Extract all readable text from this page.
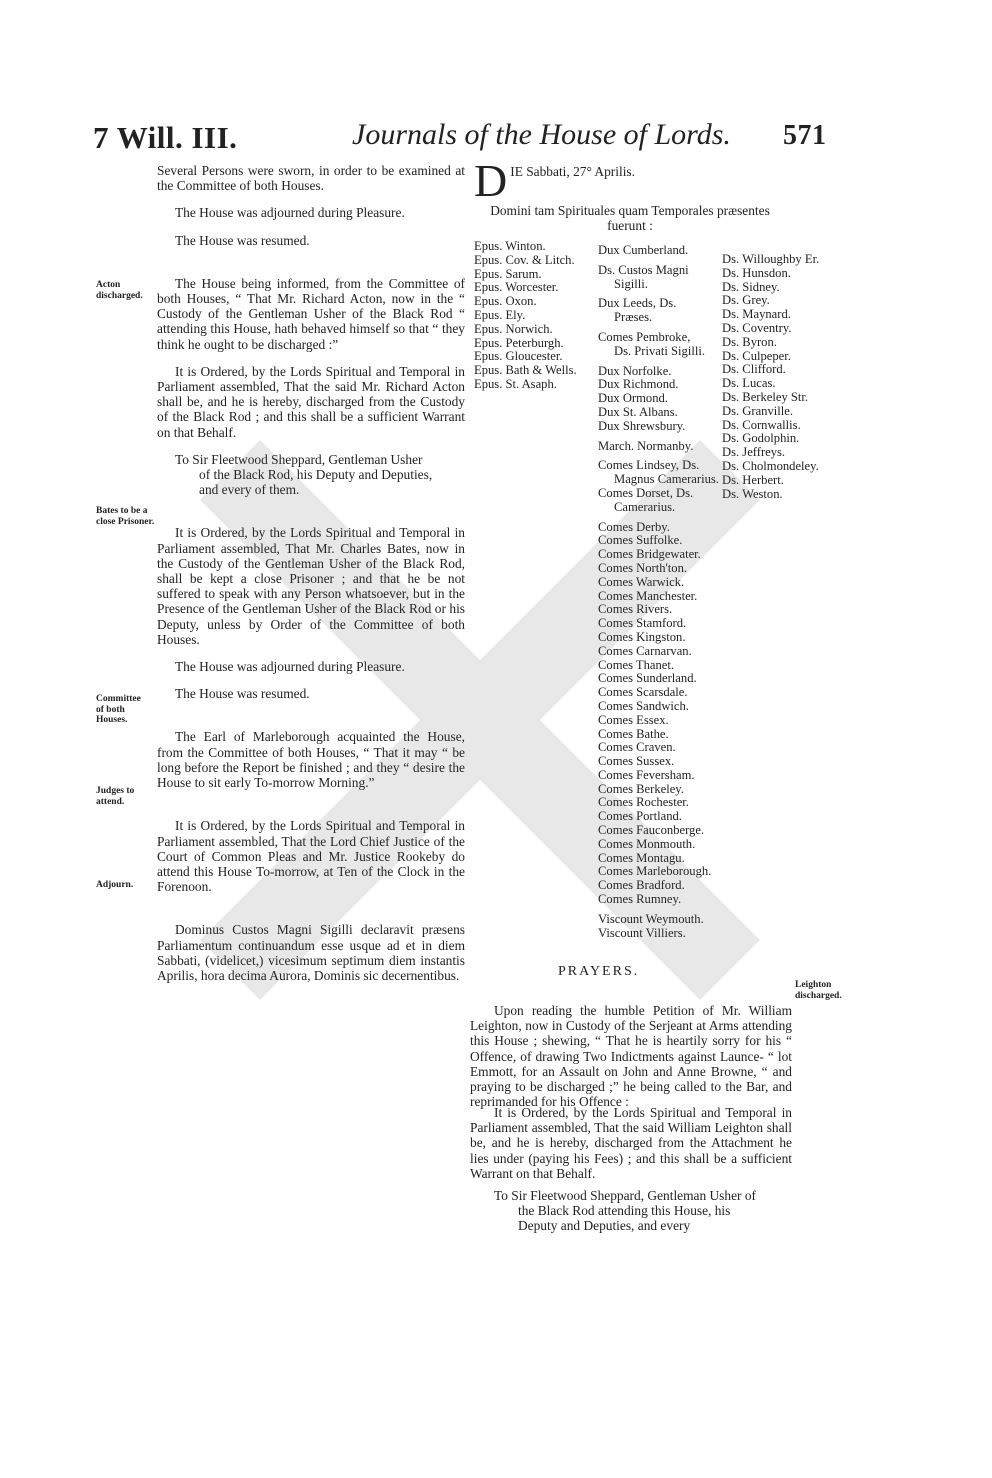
7 Will. III.	Journals of the House of Lords. 571
Several Persons were sworn, in order to be examined at the Committee of both Houses.
The House was adjourned during Pleasure.
The House was resumed.
The House being informed, from the Committee of both Houses, “ That Mr. Richard Acton, now in the “ Custody of the Gentleman Usher of the Black Rod “ attending this House, hath behaved himself so that “ they think he ought to be discharged :”
It is Ordered, by the Lords Spiritual and Temporal in Parliament assembled, That the said Mr. Richard Acton shall be, and he is hereby, discharged from the Custody of the Black Rod ; and this shall be a sufficient Warrant on that Behalf.
To Sir Fleetwood Sheppard, Gentleman Usher of the Black Rod, his Deputy and Deputies, and every of them.
It is Ordered, by the Lords Spiritual and Temporal in Parliament assembled, That Mr. Charles Bates, now in the Custody of the Gentleman Usher of the Black Rod, shall be kept a close Prisoner ; and that he be not suffered to speak with any Person whatsoever, but in the Presence of the Gentleman Usher of the Black Rod or his Deputy, unless by Order of the Committee of both Houses.
The House was adjourned during Pleasure.
The House was resumed.
The Earl of Marleborough acquainted the House, from the Committee of both Houses, “ That it may “ be long before the Report be finished ; and they “ desire the House to sit early To-morrow Morning.”
It is Ordered, by the Lords Spiritual and Temporal in Parliament assembled, That the Lord Chief Justice of the Court of Common Pleas and Mr. Justice Rookeby do attend this House To-morrow, at Ten of the Clock in the Forenoon.
Dominus Custos Magni Sigilli declaravit præsens Parliamentum continuandum esse usque ad et in diem Sabbati, (videlicet,) vicesimum septimum diem instantis Aprilis, hora decima Aurora, Dominis sic decernentibus.
Acton discharged.
Bates to be a close Prisoner.
Committee of both Houses.
Judges to attend.
Adjourn.
D IE Sabbati, 27° Aprilis.
Domini tam Spirituales quam Temporales præsentes fuerunt :
Epus. Winton.
Epus. Cov. & Litch.
Epus. Sarum.
Epus. Worcester.
Epus. Oxon.
Epus. Ely.
Epus. Norwich.
Epus. Peterburgh.
Epus. Gloucester.
Epus. Bath & Wells.
Epus. St. Asaph.
Dux Cumberland.
Ds. Custos Magni
Sigilli.
Dux Leeds, Ds.
Præses.
Comes Pembroke,
Ds. Privati Sigilli.
Dux Norfolke.
Dux Richmond.
Dux Ormond.
Dux St. Albans.
Dux Shrewsbury.
March. Normanby.
Comes Lindsey, Ds.
Magnus Camerarius.
Comes Dorset, Ds.
Camerarius.
Comes Derby.
Comes Suffolke.
Comes Bridgewater.
Comes North'ton.
Comes Warwick.
Comes Manchester.
Comes Rivers.
Comes Stamford.
Comes Kingston.
Comes Carnarvan.
Comes Thanet.
Comes Sunderland.
Comes Scarsdale.
Comes Sandwich.
Comes Essex.
Comes Bathe.
Comes Craven.
Comes Sussex.
Comes Feversham.
Comes Berkeley.
Comes Rochester.
Comes Portland.
Comes Fauconberge.
Comes Monmouth.
Comes Montagu.
Comes Marleborough.
Comes Bradford.
Comes Rumney.
Viscount Weymouth.
Viscount Villiers.
Ds. Willoughby Er.
Ds. Hunsdon.
Ds. Sidney.
Ds. Grey.
Ds. Maynard.
Ds. Coventry.
Ds. Byron.
Ds. Culpeper.
Ds. Clifford.
Ds. Lucas.
Ds. Berkeley Str.
Ds. Granville.
Ds. Cornwallis.
Ds. Godolphin.
Ds. Jeffreys.
Ds. Cholmondeley.
Ds. Herbert.
Ds. Weston.
PRAYERS.
Leighton discharged.
Upon reading the humble Petition of Mr. William Leighton, now in Custody of the Serjeant at Arms attending this House ; shewing, “ That he is heartily sorry for his “ Offence, of drawing Two Indictments against Launce- “ lot Emmott, for an Assault on John and Anne Browne, “ and praying to be discharged ;” he being called to the Bar, and reprimanded for his Offence :
It is Ordered, by the Lords Spiritual and Temporal in Parliament assembled, That the said William Leighton shall be, and he is hereby, discharged from the Attachment he lies under (paying his Fees) ; and this shall be a sufficient Warrant on that Behalf.
To Sir Fleetwood Sheppard, Gentleman Usher of the Black Rod attending this House, his Deputy and Deputies, and every
